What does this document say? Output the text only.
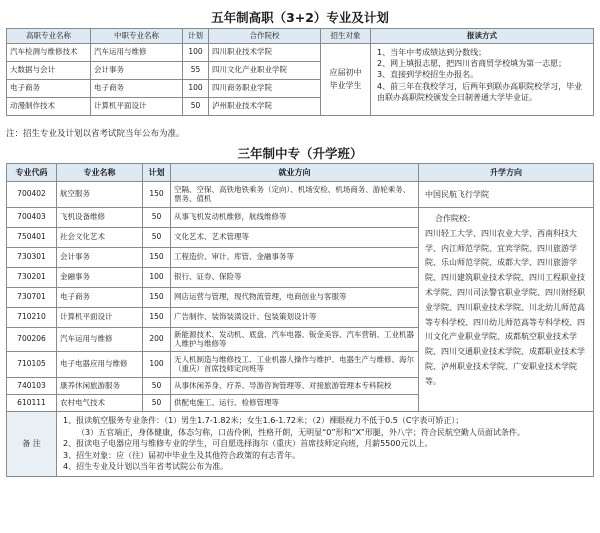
五年制高职（3+2）专业及计划
高职专业名称	中职专业名称	计划	合作院校	招生对象	报读方式
汽车检测与维修技术	汽车运用与维修	100	四川职业技术学院	应届初中毕业学生	1、当年中考成绩达到分数线；
2、网上填报志愿，把四川省商贸学校填为第一志愿；
3、直接到学校招生办报名。
4、前三年在我校学习，后两年到联办高职院校学习，毕业由联办高职院校颁发全日制普通大学毕业证。

大数据与会计	会计事务	55	四川文化产业职业学院		
电子商务	电子商务	100	四川商务职业学院		
动漫制作技术	计算机平面设计	50	泸州职业技术学院		
注：招生专业及计划以省考试院当年公布为准。
三年制中专（升学班）
专业代码	专业名称	计划	就业方向	升学方向
700402	航空服务	150	空隔、空保、高铁地铁乘务（定向）、机场安检、机场商务、游轮乘务、票务、值机	中国民航飞行学院
700403	飞机设备维修	50	从事飞机发动机维修，航线维修等	合作院校：
四川轻工大学、四川农业大学、西南科技大学、内江师范学院、宜宾学院、四川旅游学院、乐山师范学院、成都大学、四川旅游学院、四川建筑职业技术学院、四川工程职业技术学院、四川司法警官职业学院、四川财经职业学院、四川职业技术学院、川北幼儿师范高等专科学校、四川幼儿师范高等专科学校、四川文化产业职业学院、成都航空职业技术学院、四川交通职业技术学院、成都职业技术学院、泸州职业技术学院、广安职业技术学院等。
750401	社会文化艺术	50	文化艺术、艺术管理等	
730301	会计事务	150	工程造价、审计、库管、金融事务等	
730201	金融事务	100	银行、证券、保险等	
730701	电子商务	150	网店运营与管理，现代物流管理，电商创业与客服等	
710210	计算机平面设计	150	广告制作、装饰装潢设计、包装策划设计等	
700206	汽车运用与维修	200	新能源技术、发动机、底盘、汽车电器、钣金美容、汽车营销、工业机器人维护与维修等	
710105	电子电器应用与维修	100	无人机制造与维修技工、工业机器人操作与维护、电器生产与维修、海尔（重庆）首席技师定向班等	
740103	康养休闲旅游服务	50	从事休闲养身、疗养、导游咨询管理等、对接旅游管理本专科院校	
610111	农村电气技术	50	供配电施工、运行、检修管理等	
备 注	1、报读航空服务专业条件：（1）男生1.7-1.82米；女生1.6-1.72米；（2）裸眼视力不低于0.5（C字表可矫正）；
（3）五官端正，身体健康，体态匀称，口齿伶俐，性格开朗，无明显“0”形和“X”形腿，外八字；符合民航空勤人员面试条件。
2、报读电子电器应用与维修专业的学生，可自愿选择海尔（重庆）首席技师定向班，月薪5500元以上。
3、招生对象：应（往）届初中毕业生及其他符合政策的有志青年。
4、招生专业及计划以当年省考试院公布为准。			
